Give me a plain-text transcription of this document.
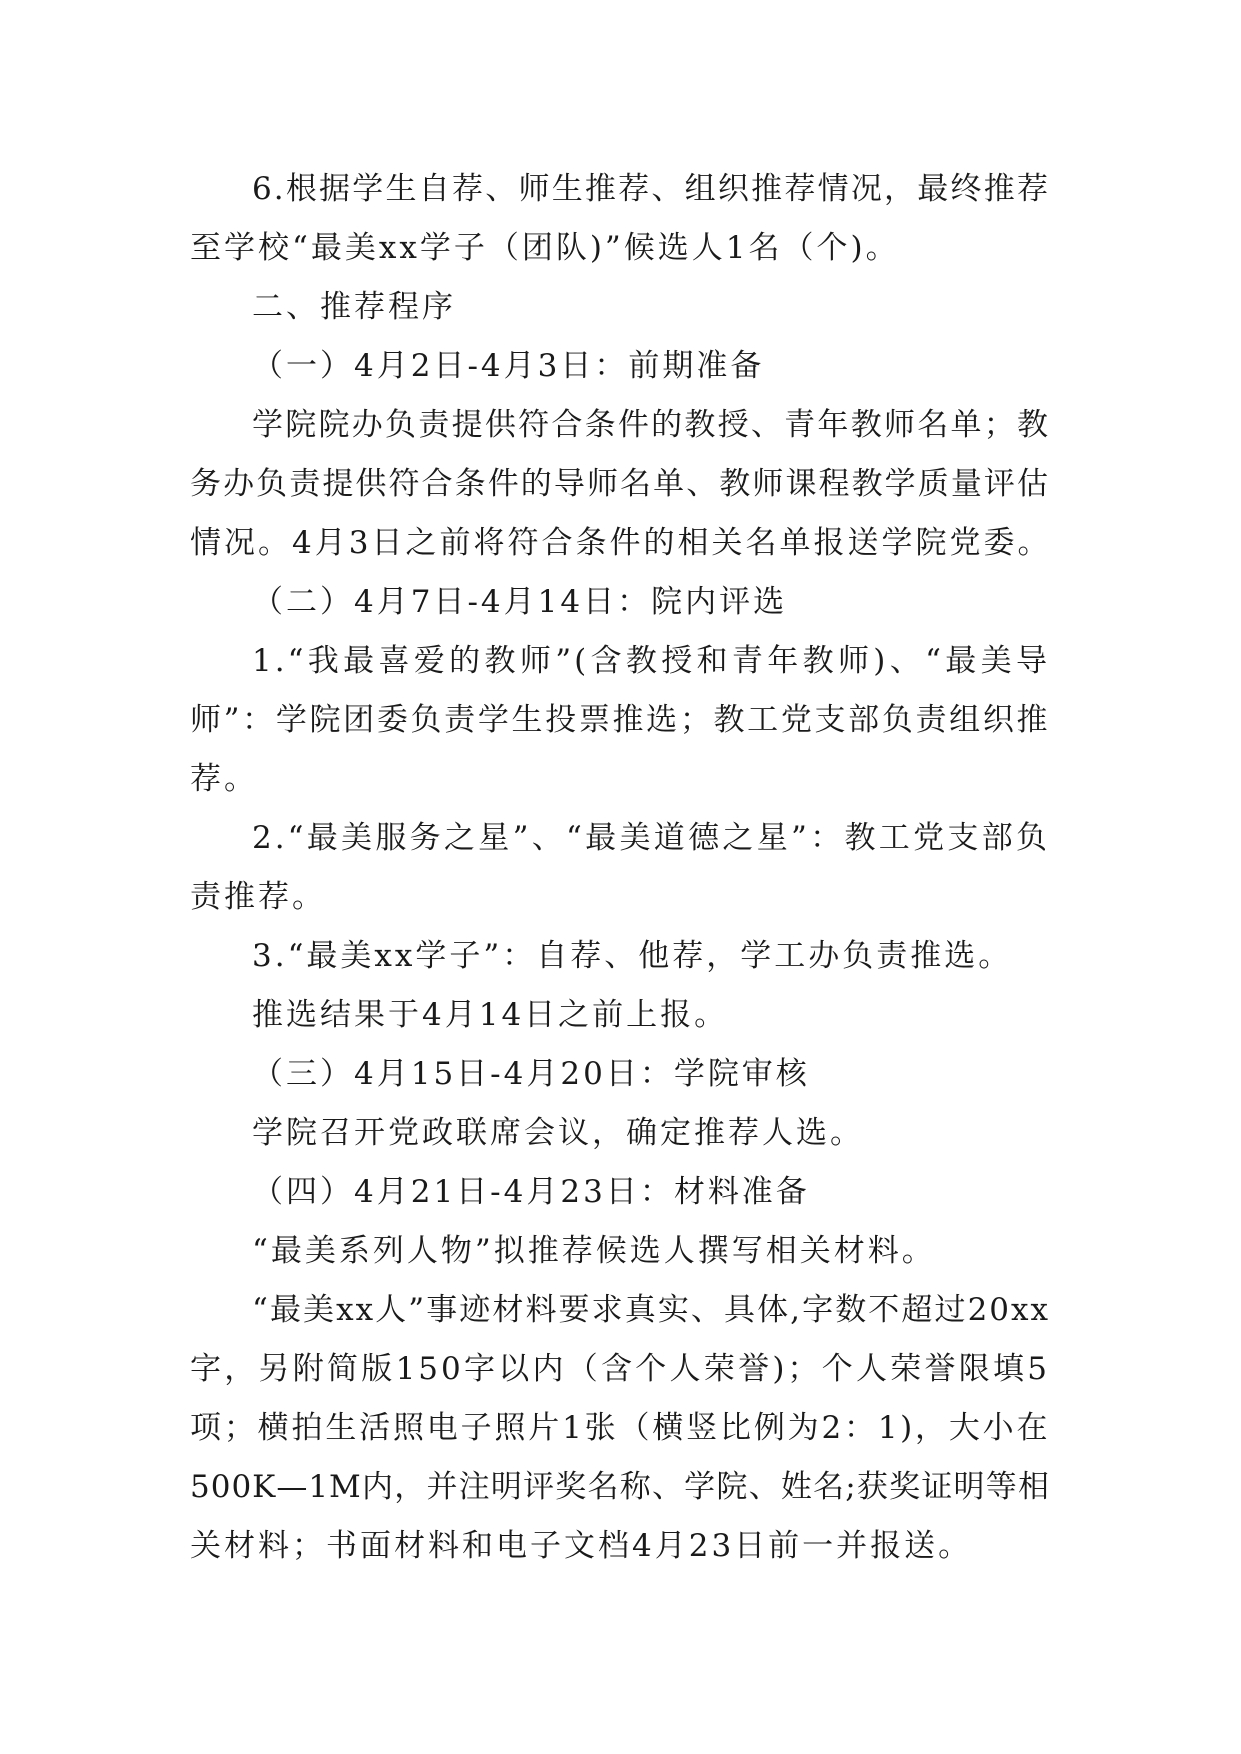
6.根据学生自荐、师生推荐、组织推荐情况，最终推荐
至学校“最美xx学子（团队)”候选人1名（个)。
二、推荐程序
（一）4月2日-4月3日：前期准备
学院院办负责提供符合条件的教授、青年教师名单；教
务办负责提供符合条件的导师名单、教师课程教学质量评估
情况。4月3日之前将符合条件的相关名单报送学院党委。
（二）4月7日-4月14日：院内评选
1.“我最喜爱的教师”(含教授和青年教师)、“最美导
师”：学院团委负责学生投票推选；教工党支部负责组织推
荐。
2.“最美服务之星”、“最美道德之星”：教工党支部负
责推荐。
3.“最美xx学子”：自荐、他荐，学工办负责推选。
推选结果于4月14日之前上报。
（三）4月15日-4月20日：学院审核
学院召开党政联席会议，确定推荐人选。
（四）4月21日-4月23日：材料准备
“最美系列人物”拟推荐候选人撰写相关材料。
“最美xx人”事迹材料要求真实、具体,字数不超过20xx
字，另附简版150字以内（含个人荣誉)；个人荣誉限填5
项；横拍生活照电子照片1张（横竖比例为2：1)，大小在
500K—1M内，并注明评奖名称、学院、姓名;获奖证明等相
关材料；书面材料和电子文档4月23日前一并报送。
